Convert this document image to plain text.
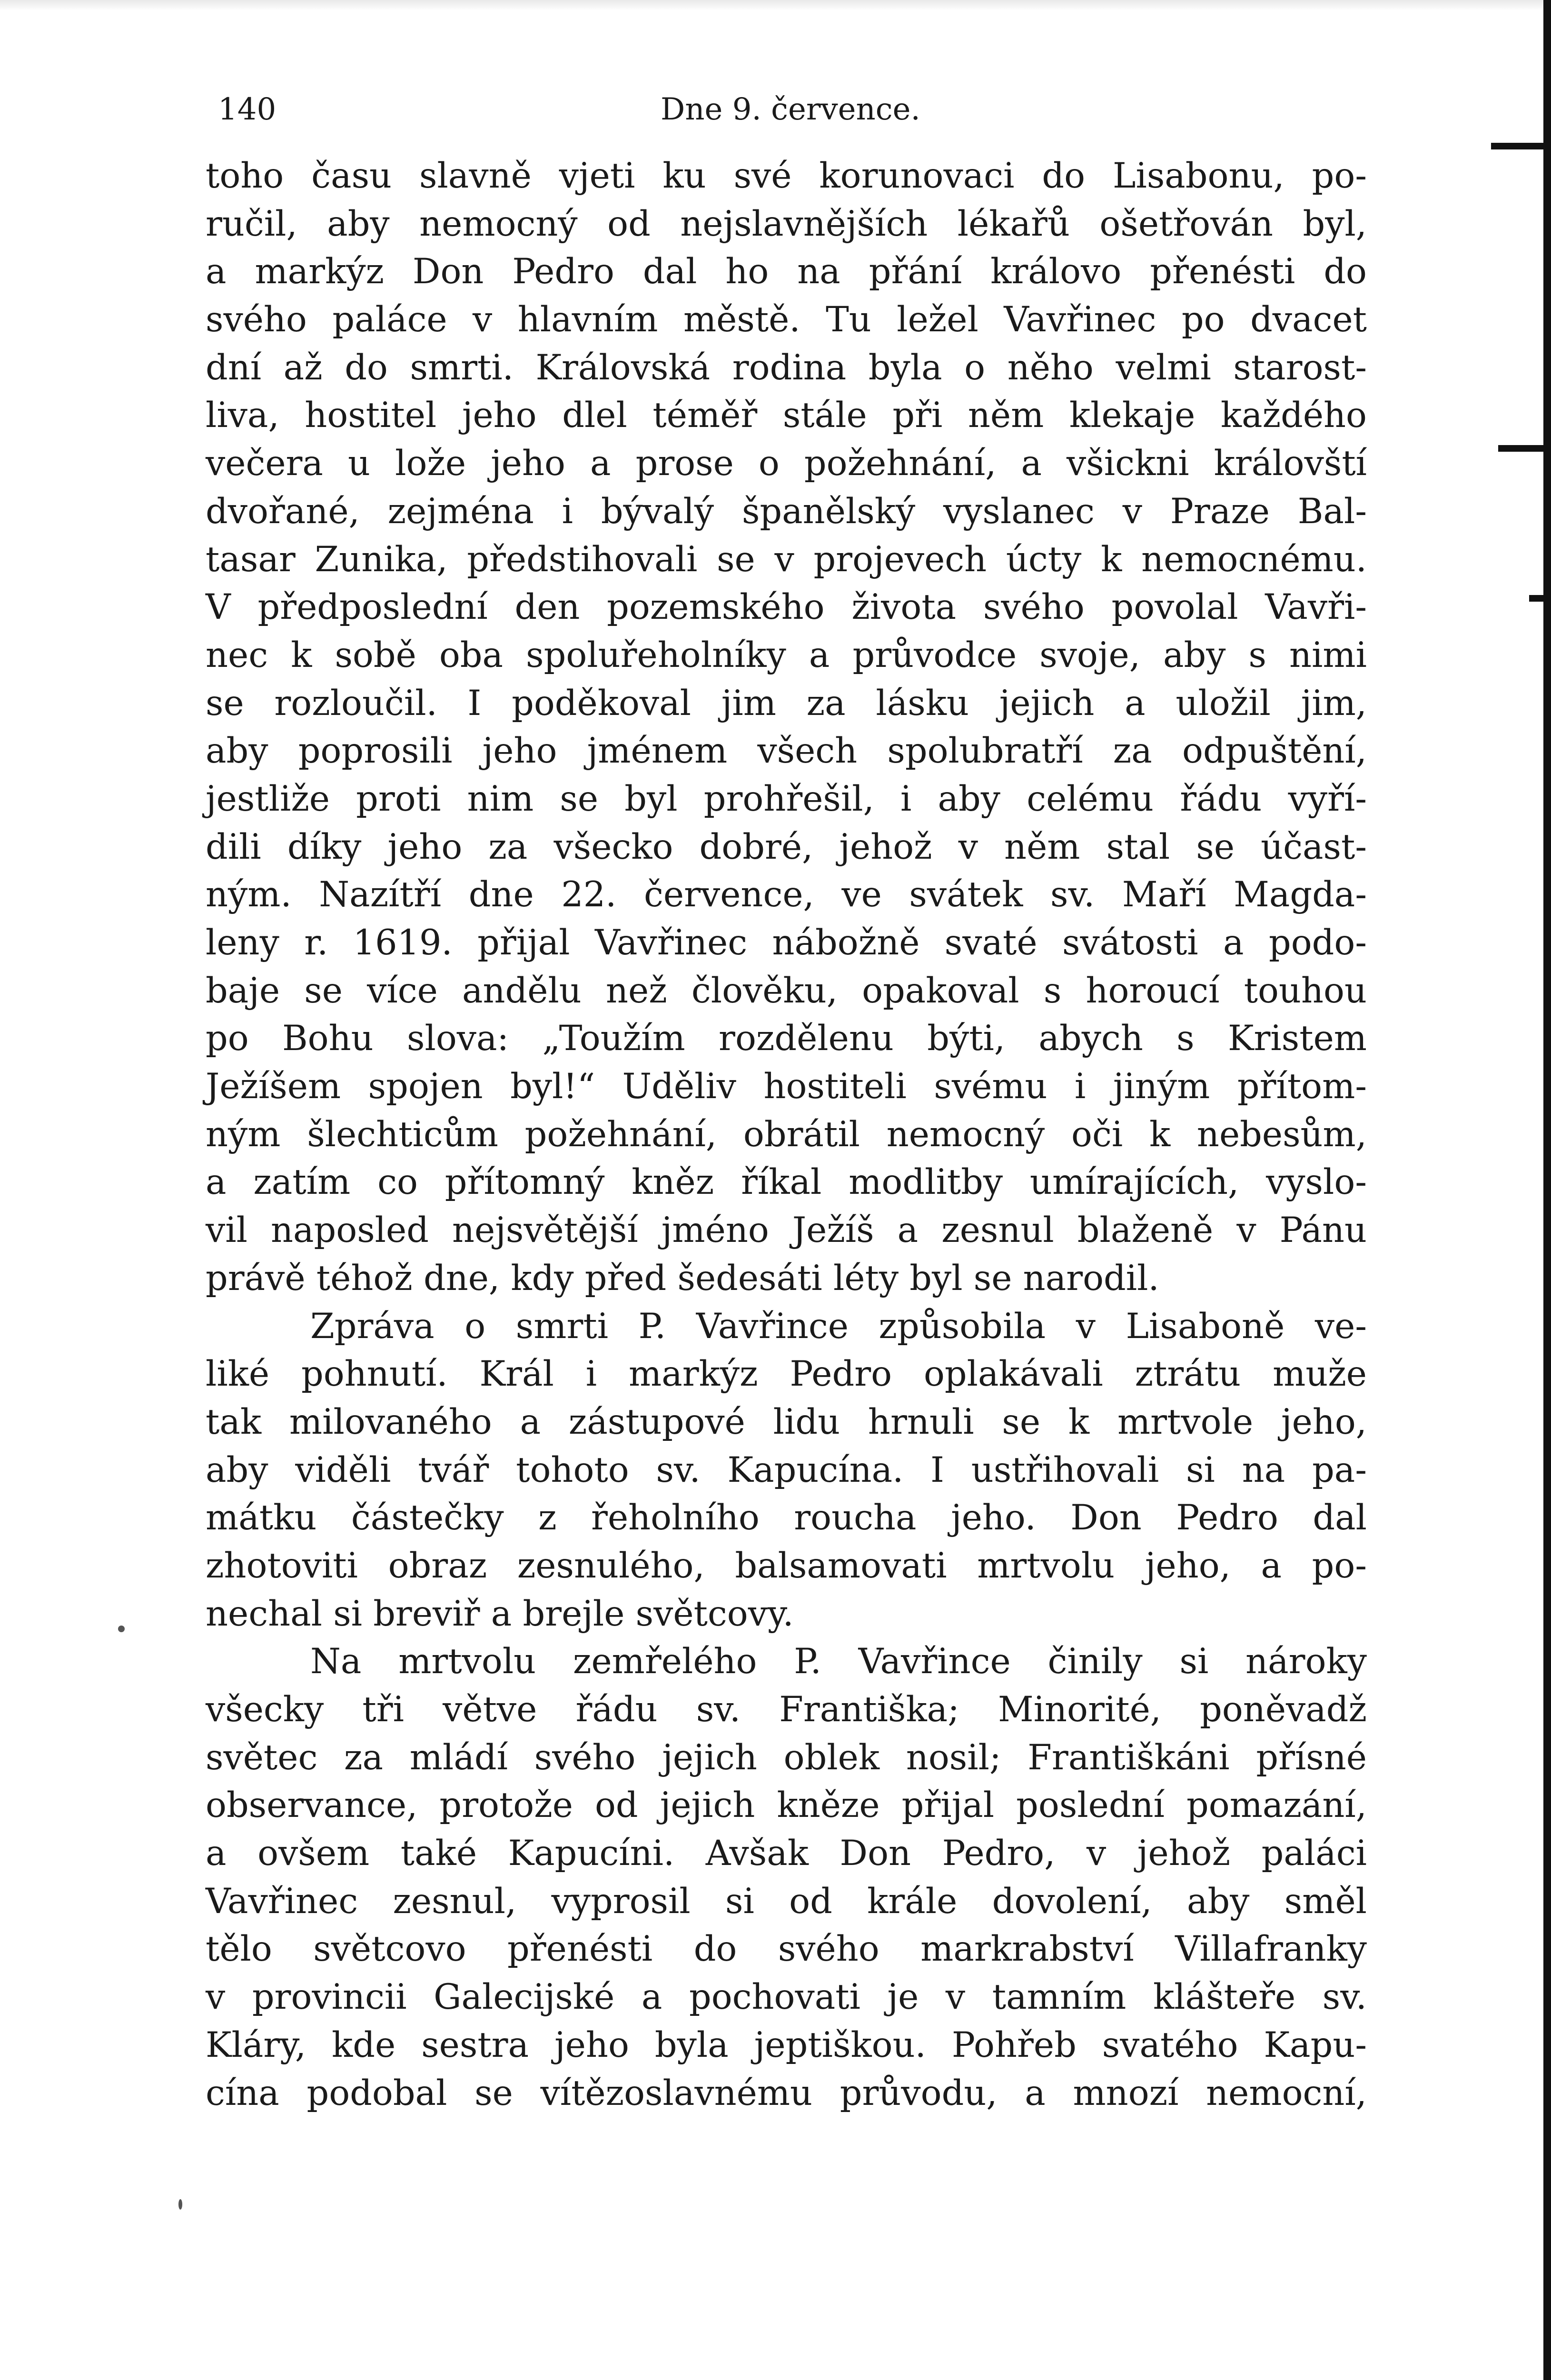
140	Dne 9. července.
toho času slavně vjeti ku své korunovaci do Lisabonu, po-
ručil, aby nemocný od nejslavnějších lékařů ošetřován byl,
a markýz Don Pedro dal ho na přání královo přenésti do
svého paláce v hlavním městě. Tu ležel Vavřinec po dvacet
dní až do smrti. Královská rodina byla o něho velmi starost-
liva, hostitel jeho dlel téměř stále při něm klekaje každého
večera u lože jeho a prose o požehnání, a všickni královští
dvořané, zejména i bývalý španělský vyslanec v Praze Bal-
tasar Zunika, předstihovali se v projevech úcty k nemocnému.
V předposlední den pozemského života svého povolal Vavři-
nec k sobě oba spoluřeholníky a průvodce svoje, aby s nimi
se rozloučil. I poděkoval jim za lásku jejich a uložil jim,
aby poprosili jeho jménem všech spolubratří za odpuštění,
jestliže proti nim se byl prohřešil, i aby celému řádu vyří-
dili díky jeho za všecko dobré, jehož v něm stal se účast-
ným. Nazítří dne 22. července, ve svátek sv. Maří Magda-
leny r. 1619. přijal Vavřinec nábožně svaté svátosti a podo-
baje se více andělu než člověku, opakoval s horoucí touhou
po Bohu slova: „Toužím rozdělenu býti, abych s Kristem
Ježíšem spojen byl!“ Uděliv hostiteli svému i jiným přítom-
ným šlechticům požehnání, obrátil nemocný oči k nebesům,
a zatím co přítomný kněz říkal modlitby umírajících, vyslo-
vil naposled nejsvětější jméno Ježíš a zesnul blaženě v Pánu
právě téhož dne, kdy před šedesáti léty byl se narodil.
Zpráva o smrti P. Vavřince způsobila v Lisaboně ve-
liké pohnutí. Král i markýz Pedro oplakávali ztrátu muže
tak milovaného a zástupové lidu hrnuli se k mrtvole jeho,
aby viděli tvář tohoto sv. Kapucína. I ustřihovali si na pa-
mátku částečky z řeholního roucha jeho. Don Pedro dal
zhotoviti obraz zesnulého, balsamovati mrtvolu jeho, a po-
nechal si breviř a brejle světcovy.
Na mrtvolu zemřelého P. Vavřince činily si nároky
všecky tři větve řádu sv. Františka; Minorité, poněvadž
světec za mládí svého jejich oblek nosil; Františkáni přísné
observance, protože od jejich kněze přijal poslední pomazání,
a ovšem také Kapucíni. Avšak Don Pedro, v jehož paláci
Vavřinec zesnul, vyprosil si od krále dovolení, aby směl
tělo světcovo přenésti do svého markrabství Villafranky
v provincii Galecijské a pochovati je v tamním klášteře sv.
Kláry, kde sestra jeho byla jeptiškou. Pohřeb svatého Kapu-
cína podobal se vítězoslavnému průvodu, a mnozí nemocní,
